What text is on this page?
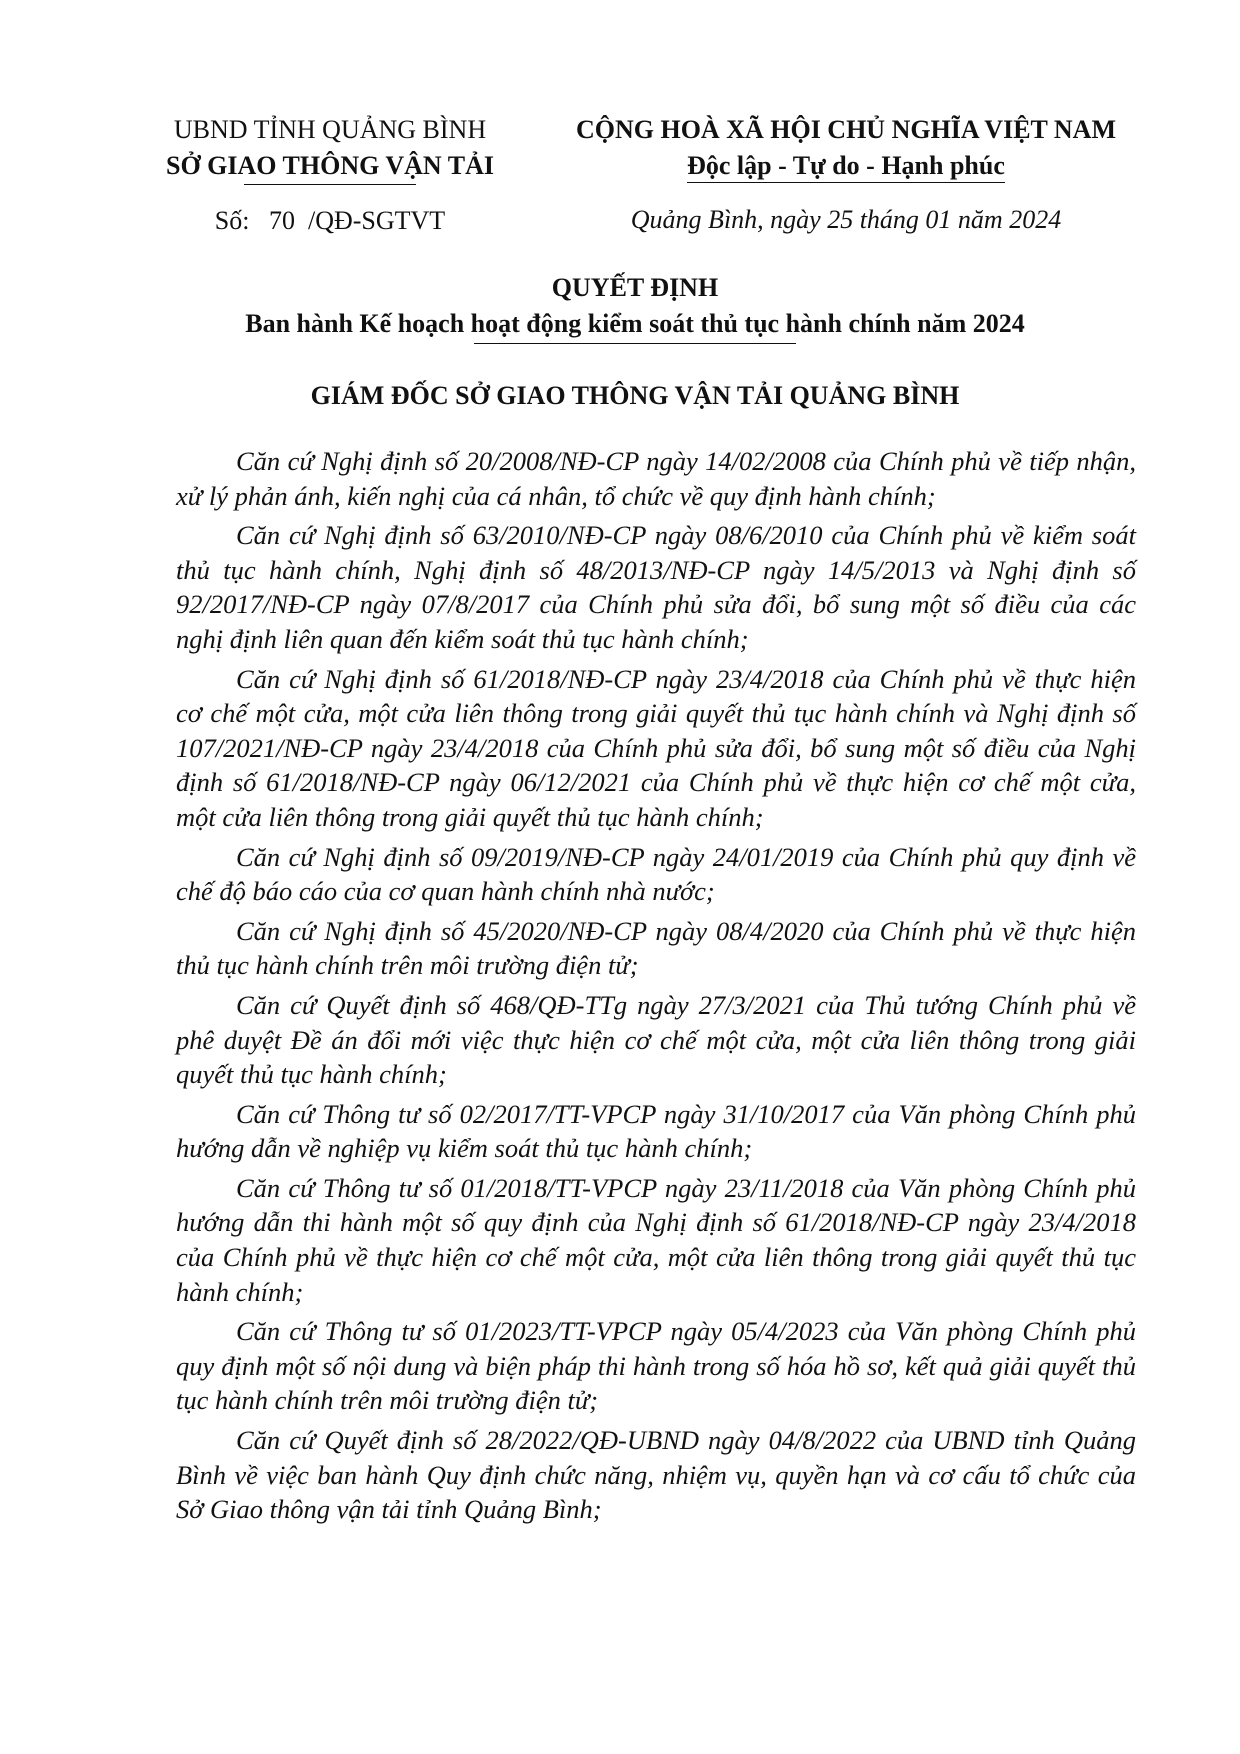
UBND TỈNH QUẢNG BÌNH
SỞ GIAO THÔNG VẬN TẢI
Số:   70  /QĐ-SGTVT
CỘNG HOÀ XÃ HỘI CHỦ NGHĨA VIỆT NAM
Độc lập - Tự do - Hạnh phúc
Quảng Bình, ngày 25 tháng 01 năm 2024
QUYẾT ĐỊNH
Ban hành Kế hoạch hoạt động kiểm soát thủ tục hành chính năm 2024
GIÁM ĐỐC SỞ GIAO THÔNG VẬN TẢI QUẢNG BÌNH

Căn cứ Nghị định số 20/2008/NĐ-CP ngày 14/02/2008 của Chính phủ về tiếp nhận, xử lý phản ánh, kiến nghị của cá nhân, tổ chức về quy định hành chính;

Căn cứ Nghị định số 63/2010/NĐ-CP ngày 08/6/2010 của Chính phủ về kiểm soát thủ tục hành chính, Nghị định số 48/2013/NĐ-CP ngày 14/5/2013 và Nghị định số 92/2017/NĐ-CP ngày 07/8/2017 của Chính phủ sửa đổi, bổ sung một số điều của các nghị định liên quan đến kiểm soát thủ tục hành chính;

Căn cứ Nghị định số 61/2018/NĐ-CP ngày 23/4/2018 của Chính phủ về thực hiện cơ chế một cửa, một cửa liên thông trong giải quyết thủ tục hành chính và Nghị định số 107/2021/NĐ-CP ngày 23/4/2018 của Chính phủ sửa đổi, bổ sung một số điều của Nghị định số 61/2018/NĐ-CP ngày 06/12/2021 của Chính phủ về thực hiện cơ chế một cửa, một cửa liên thông trong giải quyết thủ tục hành chính;

Căn cứ Nghị định số 09/2019/NĐ-CP ngày 24/01/2019 của Chính phủ quy định về chế độ báo cáo của cơ quan hành chính nhà nước;

Căn cứ Nghị định số 45/2020/NĐ-CP ngày 08/4/2020 của Chính phủ về thực hiện thủ tục hành chính trên môi trường điện tử;

Căn cứ Quyết định số 468/QĐ-TTg ngày 27/3/2021 của Thủ tướng Chính phủ về phê duyệt Đề án đổi mới việc thực hiện cơ chế một cửa, một cửa liên thông trong giải quyết thủ tục hành chính;

Căn cứ Thông tư số 02/2017/TT-VPCP ngày 31/10/2017 của Văn phòng Chính phủ hướng dẫn về nghiệp vụ kiểm soát thủ tục hành chính;

Căn cứ Thông tư số 01/2018/TT-VPCP ngày 23/11/2018 của Văn phòng Chính phủ hướng dẫn thi hành một số quy định của Nghị định số 61/2018/NĐ-CP ngày 23/4/2018 của Chính phủ về thực hiện cơ chế một cửa, một cửa liên thông trong giải quyết thủ tục hành chính;

Căn cứ Thông tư số 01/2023/TT-VPCP ngày 05/4/2023 của Văn phòng Chính phủ quy định một số nội dung và biện pháp thi hành trong số hóa hồ sơ, kết quả giải quyết thủ tục hành chính trên môi trường điện tử;

Căn cứ Quyết định số 28/2022/QĐ-UBND ngày 04/8/2022 của UBND tỉnh Quảng Bình về việc ban hành Quy định chức năng, nhiệm vụ, quyền hạn và cơ cấu tổ chức của Sở Giao thông vận tải tỉnh Quảng Bình;
